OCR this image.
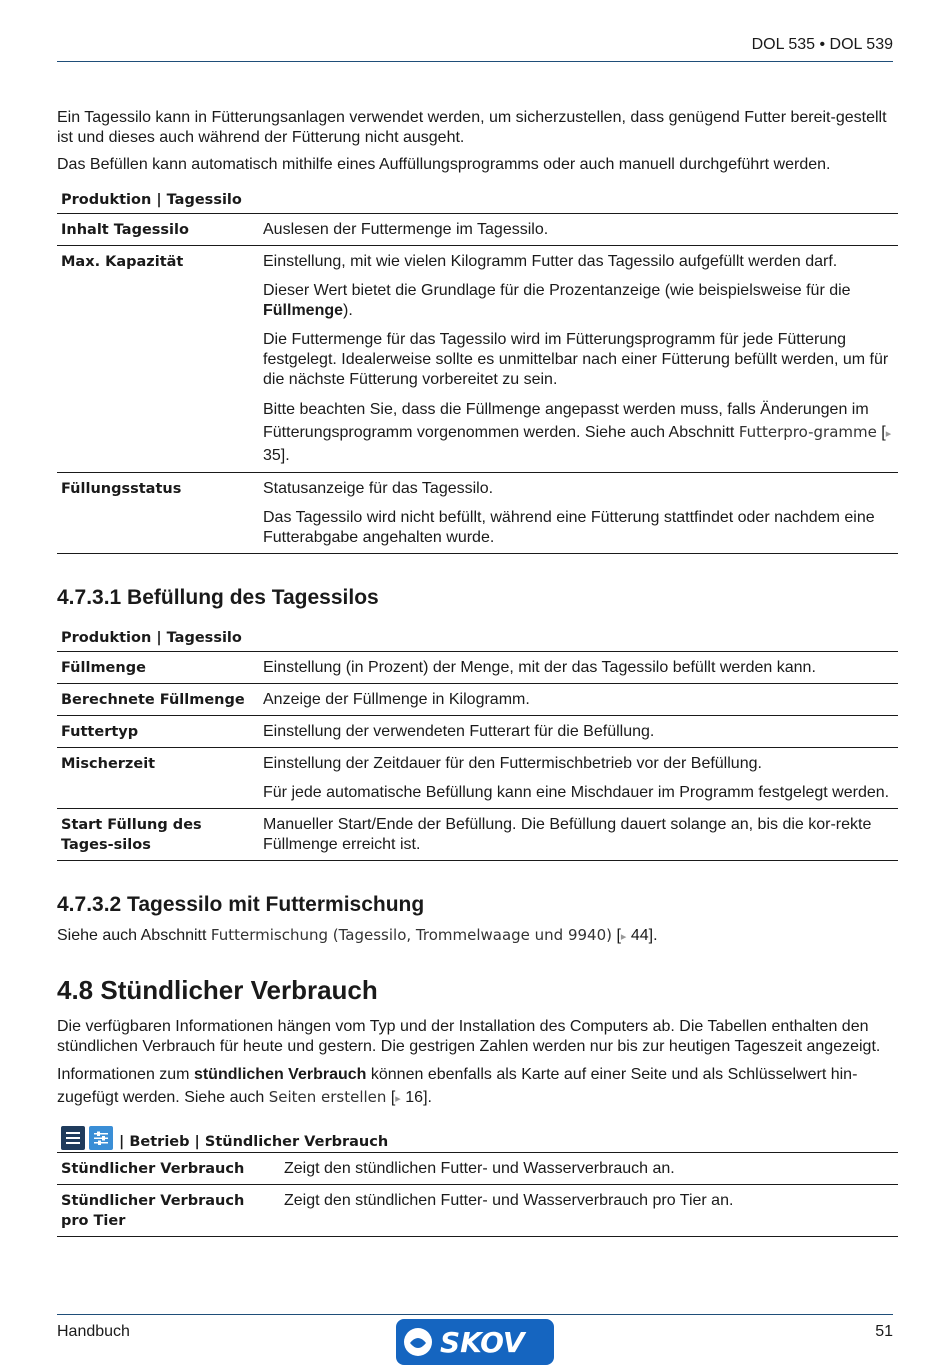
DOL 535 • DOL 539

Ein Tagessilo kann in Fütterungsanlagen verwendet werden, um sicherzustellen, dass genügend Futter bereit-gestellt ist und dieses auch während der Fütterung nicht ausgeht.

Das Befüllen kann automatisch mithilfe eines Auffüllungsprogramms oder auch manuell durchgeführt werden.

Produktion | Tagessilo
Inhalt Tagessilo	Auslesen der Futtermenge im Tagessilo.
Max. Kapazität	Einstellung, mit wie vielen Kilogramm Futter das Tagessilo aufgefüllt werden darf.

Dieser Wert bietet die Grundlage für die Prozentanzeige (wie beispielsweise für die Füllmenge).

Die Futtermenge für das Tagessilo wird im Fütterungsprogramm für jede Fütterung festgelegt. Idealerweise sollte es unmittelbar nach einer Fütterung befüllt werden, um für die nächste Fütterung vorbereitet zu sein.

Bitte beachten Sie, dass die Füllmenge angepasst werden muss, falls Änderungen im Fütterungsprogramm vorgenommen werden. Siehe auch Abschnitt Futterpro-gramme [▸ 35].

Füllungsstatus	Statusanzeige für das Tagessilo.

Das Tagessilo wird nicht befüllt, während eine Fütterung stattfindet oder nachdem eine Futterabgabe angehalten wurde.

4.7.3.1 Befüllung des Tagessilos
Produktion | Tagessilo
Füllmenge	Einstellung (in Prozent) der Menge, mit der das Tagessilo befüllt werden kann.
Berechnete Füllmenge	Anzeige der Füllmenge in Kilogramm.
Futtertyp	Einstellung der verwendeten Futterart für die Befüllung.
Mischerzeit	Einstellung der Zeitdauer für den Futtermischbetrieb vor der Befüllung.

Für jede automatische Befüllung kann eine Mischdauer im Programm festgelegt werden.

Start Füllung des Tages-silos	Manueller Start/Ende der Befüllung. Die Befüllung dauert solange an, bis die kor-rekte Füllmenge erreicht ist.
4.7.3.2 Tagessilo mit Futtermischung

Siehe auch Abschnitt Futtermischung (Tagessilo, Trommelwaage und 9940) [▸ 44].

4.8 Stündlicher Verbrauch

Die verfügbaren Informationen hängen vom Typ und der Installation des Computers ab. Die Tabellen enthalten den stündlichen Verbrauch für heute und gestern. Die gestrigen Zahlen werden nur bis zur heutigen Tageszeit angezeigt.

Informationen zum stündlichen Verbrauch können ebenfalls als Karte auf einer Seite und als Schlüsselwert hin-zugefügt werden. Siehe auch Seiten erstellen [▸ 16].

| Betrieb | Stündlicher Verbrauch
Stündlicher Verbrauch	Zeigt den stündlichen Futter- und Wasserverbrauch an.
Stündlicher Verbrauch pro Tier	Zeigt den stündlichen Futter- und Wasserverbrauch pro Tier an.
Handbuch	SKOV	51
